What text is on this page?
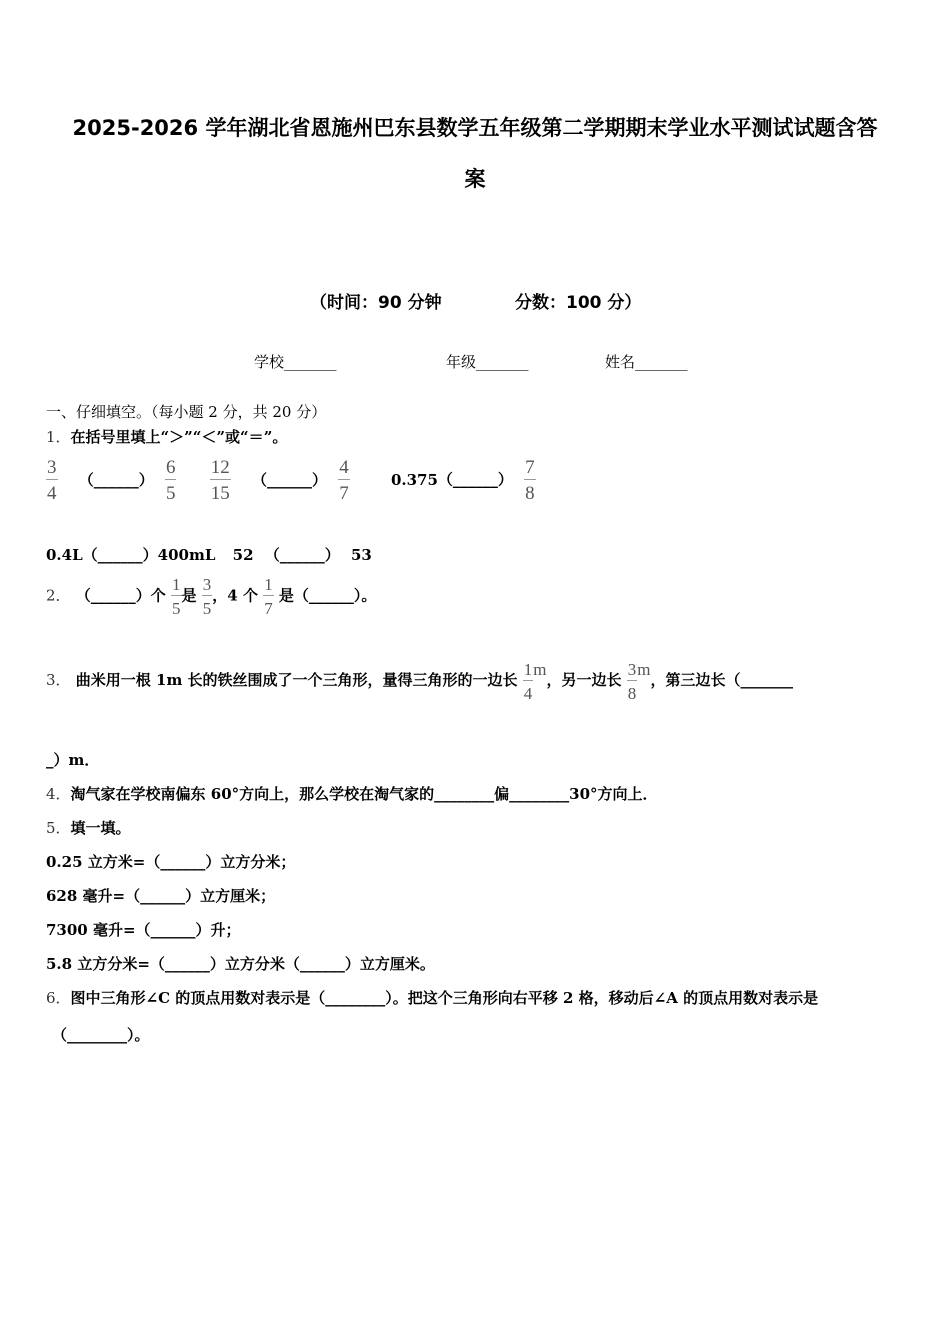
2025-2026 学年湖北省恩施州巴东县数学五年级第二学期期末学业水平测试试题含答
案
（时间：90 分钟	分数：100 分）
学校_______	年级_______	姓名_______
一、仔细填空。（每小题 2 分，共 20 分）
1．在括号里填上“＞”“＜”或“＝”。
$\frac{3}{4}$ （______） $\frac{6}{5}$
$\frac{12}{15}$ （______） $\frac{4}{7}$	0.375（______） $\frac{7}{8}$
0.4L（______）400mL 52 （______） 53
2． （______）个 $\frac{1}{5}$ 是 $\frac{3}{5}$ ，4 个 $\frac{1}{7}$ 是（______）。
3． 曲米用一根 1m 长的铁丝围成了一个三角形，量得三角形的一边长 $\frac{1}{4}$ m，另一边长 $\frac{3}{8}$ m，第三边长（_______
_）m．
4．淘气家在学校南偏东 60°方向上，那么学校在淘气家的________偏________30°方向上．
5．填一填。
0.25 立方米=（______）立方分米；
628 毫升=（______）立方厘米；
7300 毫升=（______）升；
5.8 立方分米=（______）立方分米（______）立方厘米。
6．图中三角形∠C 的顶点用数对表示是（________）。把这个三角形向右平移 2 格，移动后∠A 的顶点用数对表示是
（________）。
